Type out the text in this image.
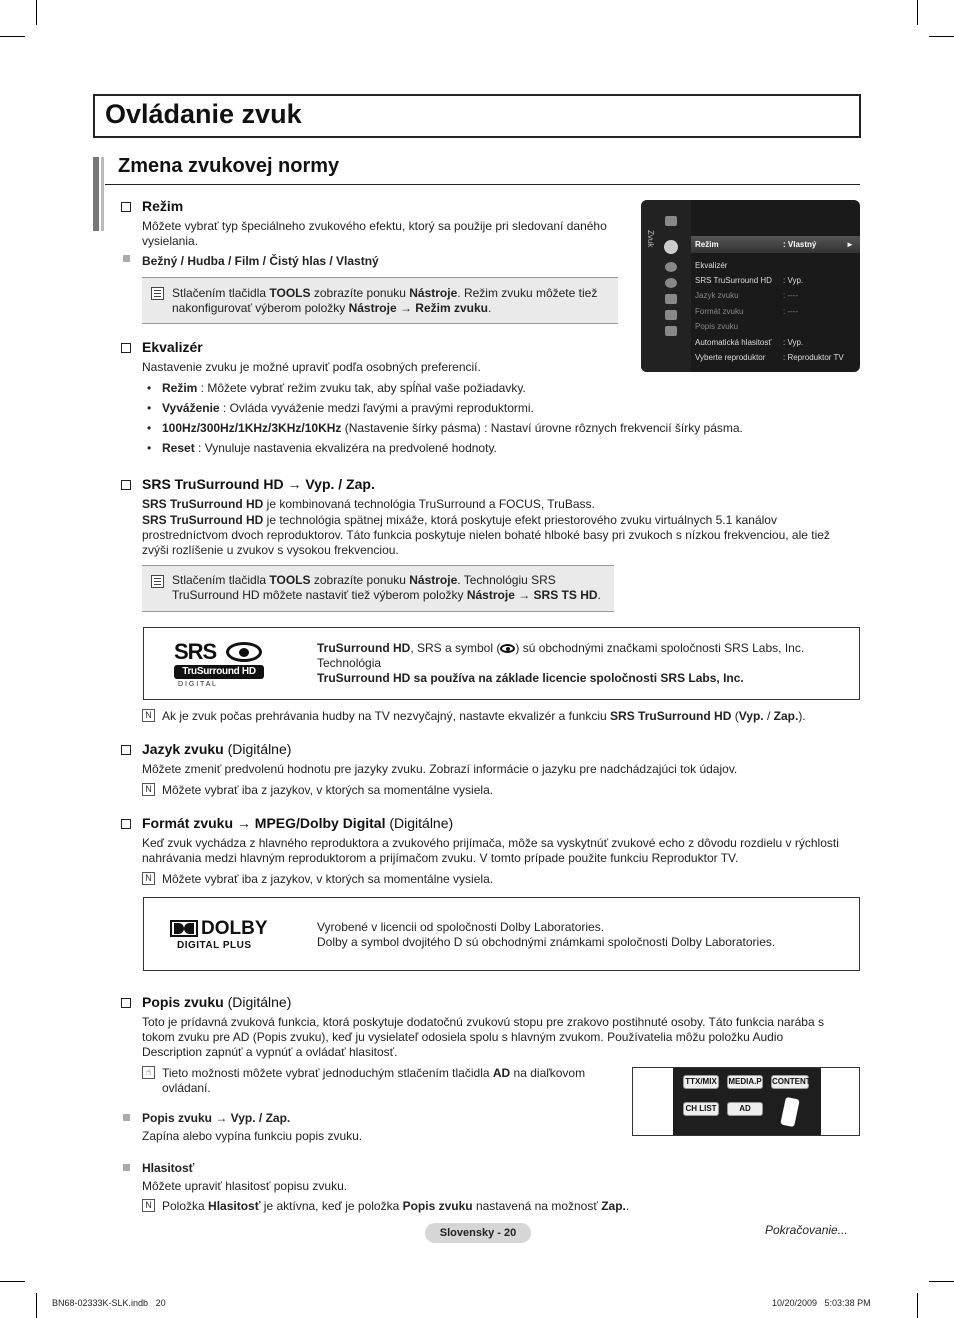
Ovládanie zvuk
Zmena zvukovej normy
Režim
Môžete vybrať typ špeciálneho zvukového efektu, ktorý sa použije pri sledovaní daného vysielania.
Bežný / Hudba / Film / Čistý hlas / Vlastný
Stlačením tlačidla TOOLS zobrazíte ponuku Nástroje. Režim zvuku môžete tiež nakonfigurovať výberom položky Nástroje → Režim zvuku.
Zvuk	Režim	: Vlastný	►
Ekvalizér
SRS TruSurround HD : Vyp.
Jazyk zvuku	: ----
Formát zvuku	: ----
Popis zvuku
Automatická hlasitosť : Vyp.
Vyberte reproduktor : Reproduktor TV
Ekvalizér
Nastavenie zvuku je možné upraviť podľa osobných preferencií.
• Režim : Môžete vybrať režim zvuku tak, aby spĺňal vaše požiadavky.
• Vyváženie : Ovláda vyváženie medzi ľavými a pravými reproduktormi.
• 100Hz/300Hz/1KHz/3KHz/10KHz (Nastavenie šírky pásma) : Nastaví úrovne rôznych frekvencií šírky pásma.
• Reset : Vynuluje nastavenia ekvalizéra na predvolené hodnoty.
SRS TruSurround HD → Vyp. / Zap.
SRS TruSurround HD je kombinovaná technológia TruSurround a FOCUS, TruBass.
SRS TruSurround HD je technológia spätnej mixáže, ktorá poskytuje efekt priestorového zvuku virtuálnych 5.1 kanálov prostredníctvom dvoch reproduktorov. Táto funkcia poskytuje nielen bohaté hlboké basy pri zvukoch s nízkou frekvenciou, ale tiež zvýši rozlíšenie u zvukov s vysokou frekvenciou.
Stlačením tlačidla TOOLS zobrazíte ponuku Nástroje. Technológiu SRS TruSurround HD môžete nastaviť tiež výberom položky Nástroje → SRS TS HD.
SRS
TruSurround HD
D I G I T A L
TruSurround HD, SRS a symbol ( ) sú obchodnými značkami spoločnosti SRS Labs, Inc. Technológia
TruSurround HD sa používa na základe licencie spoločnosti SRS Labs, Inc.
N Ak je zvuk počas prehrávania hudby na TV nezvyčajný, nastavte ekvalizér a funkciu SRS TruSurround HD (Vyp. / Zap.).
Jazyk zvuku (Digitálne)
Môžete zmeniť predvolenú hodnotu pre jazyky zvuku. Zobrazí informácie o jazyku pre nadchádzajúci tok údajov.
N Môžete vybrať iba z jazykov, v ktorých sa momentálne vysiela.
Formát zvuku → MPEG/Dolby Digital (Digitálne)
Keď zvuk vychádza z hlavného reproduktora a zvukového prijímača, môže sa vyskytnúť zvukové echo z dôvodu rozdielu v rýchlosti nahrávania medzi hlavným reproduktorom a prijímačom zvuku. V tomto prípade použite funkciu Reproduktor TV.
N Môžete vybrať iba z jazykov, v ktorých sa momentálne vysiela.
DOLBY
DIGITAL PLUS
Vyrobené v licencii od spoločnosti Dolby Laboratories.
Dolby a symbol dvojitého D sú obchodnými známkami spoločnosti Dolby Laboratories.
Popis zvuku (Digitálne)
Toto je prídavná zvuková funkcia, ktorá poskytuje dodatočnú zvukovú stopu pre zrakovo postihnuté osoby. Táto funkcia narába s tokom zvuku pre AD (Popis zvuku), keď ju vysielateľ odosiela spolu s hlavným zvukom. Používatelia môžu položku Audio Description zapnúť a vypnúť a ovládať hlasitosť.
☝ Tieto možnosti môžete vybrať jednoduchým stlačením tlačidla AD na diaľkovom ovládaní.	TTX/MIX MEDIA.P CONTENT
CH LIST	AD
Popis zvuku → Vyp. / Zap.
Zapína alebo vypína funkciu popis zvuku.
Hlasitosť
Môžete upraviť hlasitosť popisu zvuku.
N Položka Hlasitosť je aktívna, keď je položka Popis zvuku nastavená na možnosť Zap..
Slovensky - 20	Pokračovanie...
BN68-02333K-SLK.indb   20	10/20/2009   5:03:38 PM
